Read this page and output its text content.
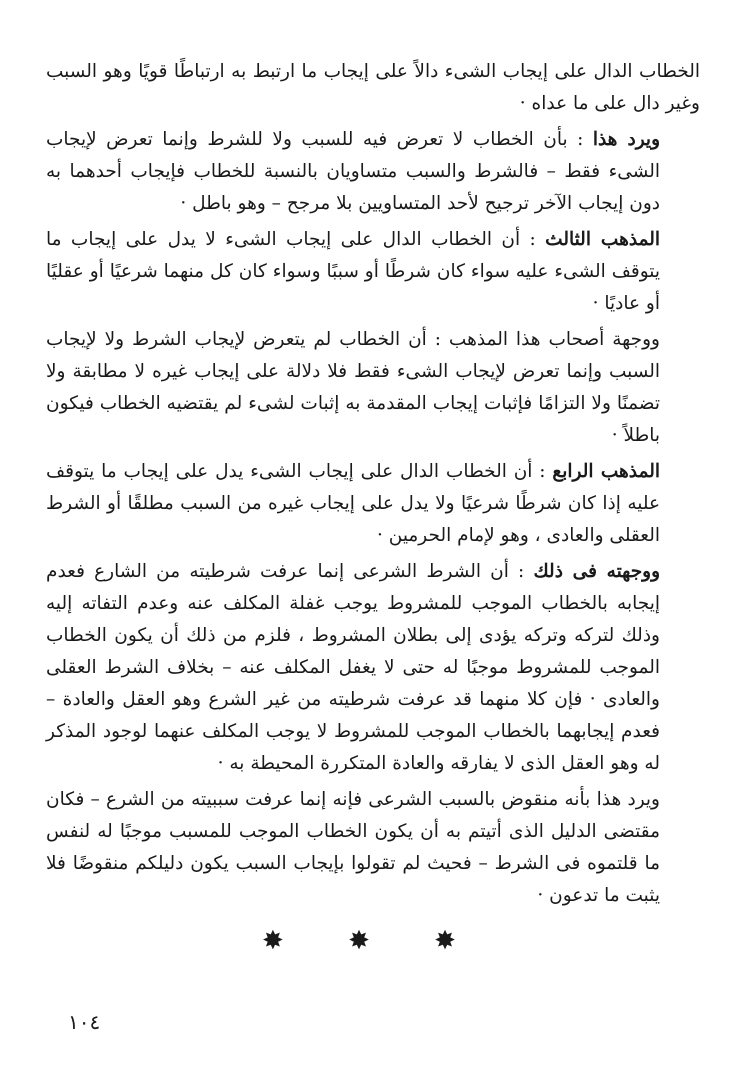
الخطاب الدال على إيجاب الشىء دالاً على إيجاب ما ارتبط به ارتباطًا قويًا وهو السبب وغير دال على ما عداه ·

ويرد هذا : بأن الخطاب لا تعرض فيه للسبب ولا للشرط وإنما تعرض لإيجاب الشىء فقط – فالشرط والسبب متساويان بالنسبة للخطاب فإيجاب أحدهما به دون إيجاب الآخر ترجيح لأحد المتساويين بلا مرجح – وهو باطل ·

المذهب الثالث : أن الخطاب الدال على إيجاب الشىء لا يدل على إيجاب ما يتوقف الشىء عليه سواء كان شرطًا أو سببًا وسواء كان كل منهما شرعيًا أو عقليًا أو عاديًا ·

ووجهة أصحاب هذا المذهب : أن الخطاب لم يتعرض لإيجاب الشرط ولا لإيجاب السبب وإنما تعرض لإيجاب الشىء فقط فلا دلالة على إيجاب غيره لا مطابقة ولا تضمنًا ولا التزامًا فإثبات إيجاب المقدمة به إثبات لشىء لم يقتضيه الخطاب فيكون باطلاً ·

المذهب الرابع : أن الخطاب الدال على إيجاب الشىء يدل على إيجاب ما يتوقف عليه إذا كان شرطًا شرعيًا ولا يدل على إيجاب غيره من السبب مطلقًا أو الشرط العقلى والعادى ، وهو لإمام الحرمين ·

ووجهته فى ذلك : أن الشرط الشرعى إنما عرفت شرطيته من الشارع فعدم إيجابه بالخطاب الموجب للمشروط يوجب غفلة المكلف عنه وعدم التفاته إليه وذلك لتركه وتركه يؤدى إلى بطلان المشروط ، فلزم من ذلك أن يكون الخطاب الموجب للمشروط موجبًا له حتى لا يغفل المكلف عنه – بخلاف الشرط العقلى والعادى · فإن كلا منهما قد عرفت شرطيته من غير الشرع وهو العقل والعادة – فعدم إيجابهما بالخطاب الموجب للمشروط لا يوجب المكلف عنهما لوجود المذكر له وهو العقل الذى لا يفارقه والعادة المتكررة المحيطة به ·

ويرد هذا بأنه منقوض بالسبب الشرعى فإنه إنما عرفت سببيته من الشرع – فكان مقتضى الدليل الذى أتيتم به أن يكون الخطاب الموجب للمسبب موجبًا له لنفس ما قلتموه فى الشرط – فحيث لم تقولوا بإيجاب السبب يكون دليلكم منقوضًا فلا يثبت ما تدعون ·

✸ ✸ ✸
١٠٤
